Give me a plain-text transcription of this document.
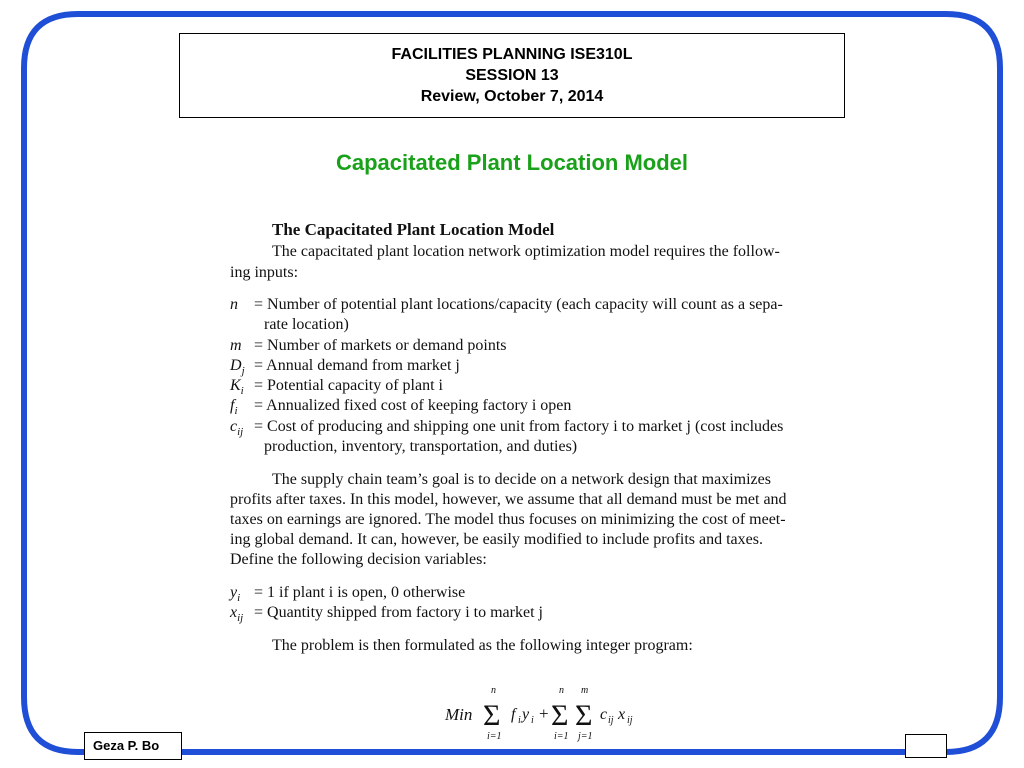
FACILITIES PLANNING ISE310L
SESSION 13
Review, October 7, 2014
Capacitated Plant Location Model
The Capacitated Plant Location Model
The capacitated plant location network optimization model requires the follow-
ing inputs:
n = Number of potential plant locations/capacity (each capacity will count as a sepa-
rate location)
m = Number of markets or demand points
$D_j$ = Annual demand from market j
$K_i$ = Potential capacity of plant i
$f_i$ = Annualized fixed cost of keeping factory i open
$c_{ij}$ = Cost of producing and shipping one unit from factory i to market j (cost includes
production, inventory, transportation, and duties)
The supply chain team’s goal is to decide on a network design that maximizes
profits after taxes. In this model, however, we assume that all demand must be met and
taxes on earnings are ignored. The model thus focuses on minimizing the cost of meet-
ing global demand. It can, however, be easily modified to include profits and taxes.
Define the following decision variables:
$y_i = 1$ if plant i is open, 0 otherwise
$x_{ij}$ = Quantity shipped from factory i to market j
The problem is then formulated as the following integer program:
Min Σ
n
i=1
f i y i + Σ
n
i=1
Σ
m
j=1
c ij x ij
Geza P. Bo
